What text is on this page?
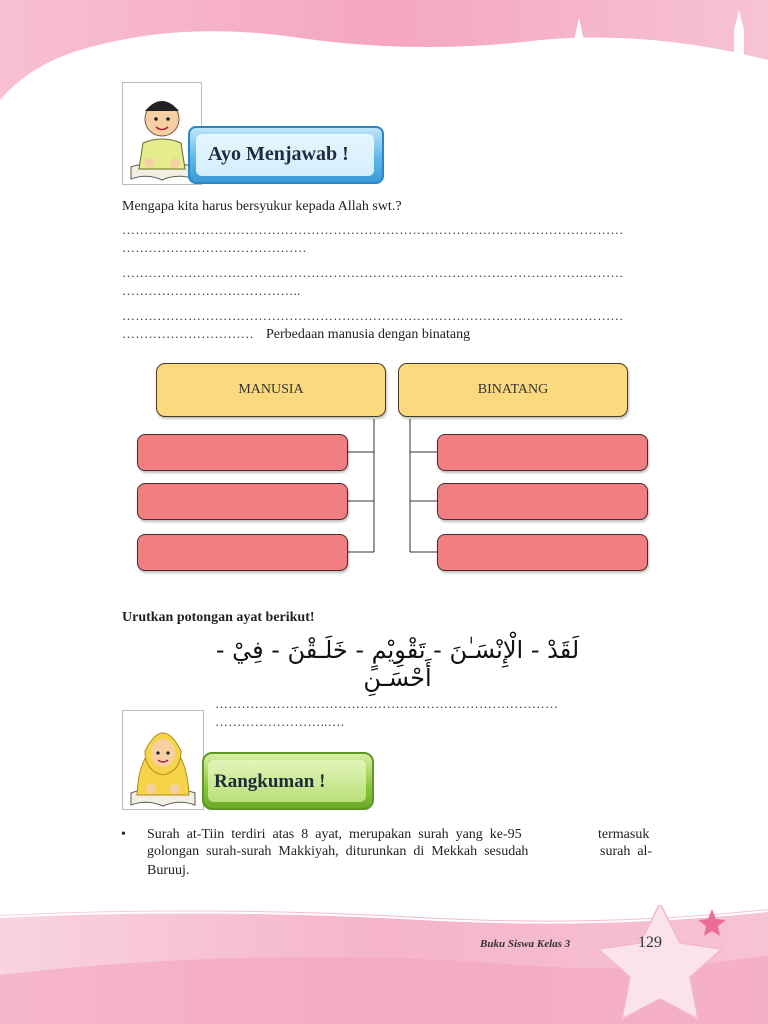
Ayo Menjawab !
Mengapa kita harus bersyukur kepada Allah swt.?
……………………………………………………………………………………………………
……………………………………
……………………………………………………………………………………………………
…………………………………..
……………………………………………………………………………………………………
………………………… Perbedaan manusia dengan binatang
MANUSIA	BINATANG
Urutkan potongan ayat berikut!
لَقَدْ - الْإِنْسَـٰنَ - تَقْوِيْمٍ - خَلَـقْنَ - فِيْ - أَحْسَـنِ
……………………………………………………………………
……………………..….
Rangkuman !
• Surah  at-Tiin  terdiri  atas  8  ayat,  merupakan  surah  yang  ke-95	termasuk
golongan  surah-surah  Makkiyah,  diturunkan  di  Mekkah  sesudah	surah  al-
Buruuj.
Buku Siswa Kelas 3	129
